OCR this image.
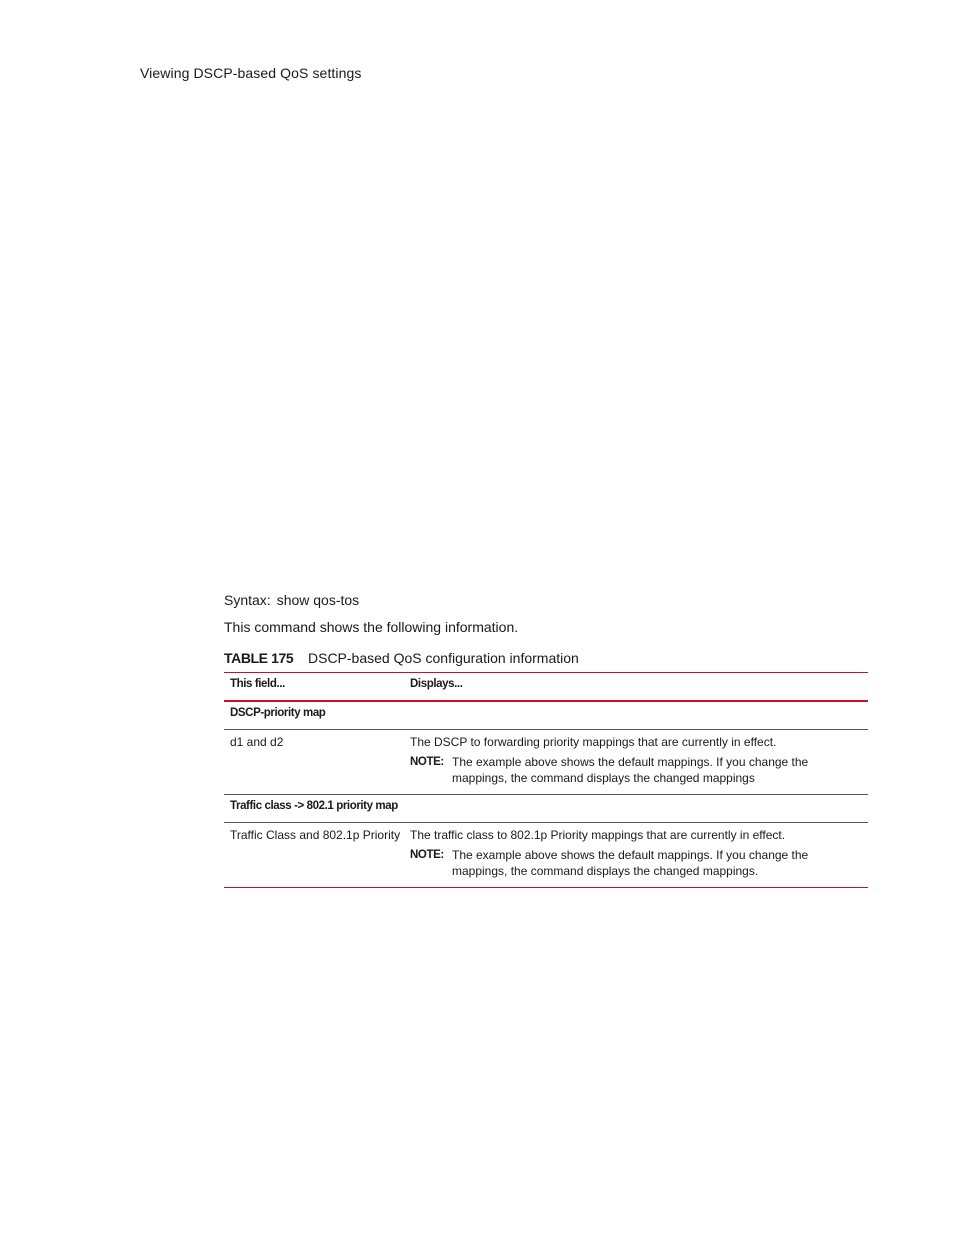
Viewing DSCP-based QoS settings
Syntax: show qos-tos
This command shows the following information.
TABLE 175 DSCP-based QoS configuration information
This field...	Displays...
DSCP-priority map	
d1 and d2	The DSCP to forwarding priority mappings that are currently in effect.
NOTE: The example above shows the default mappings. If you change the mappings, the command displays the changed mappings

Traffic class -> 802.1 priority map	
Traffic Class and 802.1p Priority	The traffic class to 802.1p Priority mappings that are currently in effect.
NOTE: The example above shows the default mappings. If you change the mappings, the command displays the changed mappings.
